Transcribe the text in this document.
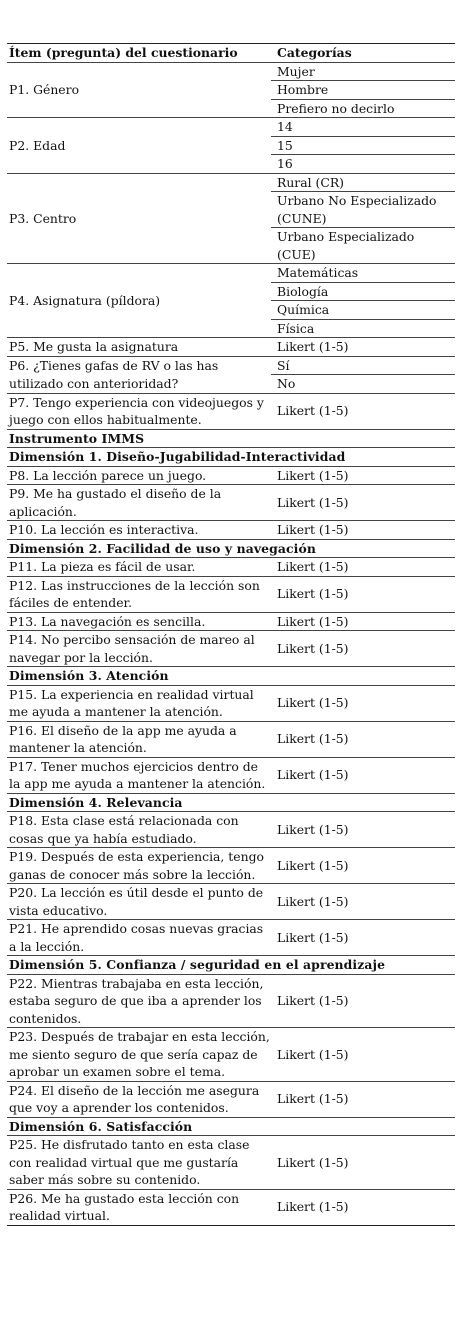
Ítem (pregunta) del cuestionario	Categorías
P1. Género	Mujer
	Hombre
	Prefiero no decirlo
P2. Edad	14
	15
	16
P3. Centro	Rural (CR)
	Urbano No Especializado (CUNE)
	Urbano Especializado (CUE)
P4. Asignatura (píldora)	Matemáticas
	Biología
	Química
	Física
P5. Me gusta la asignatura	Likert (1-5)
P6. ¿Tienes gafas de RV o las has utilizado con anterioridad?	Sí
	No
P7. Tengo experiencia con videojuegos y juego con ellos habitualmente.	Likert (1-5)
Instrumento IMMS	
Dimensión 1. Diseño-Jugabilidad-Interactividad	
P8. La lección parece un juego.	Likert (1-5)
P9. Me ha gustado el diseño de la aplicación.	Likert (1-5)
P10. La lección es interactiva.	Likert (1-5)
Dimensión 2. Facilidad de uso y navegación	
P11. La pieza es fácil de usar.	Likert (1-5)
P12. Las instrucciones de la lección son fáciles de entender.	Likert (1-5)
P13. La navegación es sencilla.	Likert (1-5)
P14. No percibo sensación de mareo al navegar por la lección.	Likert (1-5)
Dimensión 3. Atención	
P15. La experiencia en realidad virtual me ayuda a mantener la atención.	Likert (1-5)
P16. El diseño de la app me ayuda a mantener la atención.	Likert (1-5)
P17. Tener muchos ejercicios dentro de la app me ayuda a mantener la atención.	Likert (1-5)
Dimensión 4. Relevancia	
P18. Esta clase está relacionada con cosas que ya había estudiado.	Likert (1-5)
P19. Después de esta experiencia, tengo ganas de conocer más sobre la lección.	Likert (1-5)
P20. La lección es útil desde el punto de vista educativo.	Likert (1-5)
P21. He aprendido cosas nuevas gracias a la lección.	Likert (1-5)
Dimensión 5. Confianza / seguridad en el aprendizaje	
P22. Mientras trabajaba en esta lección, estaba seguro de que iba a aprender los contenidos.	Likert (1-5)
P23. Después de trabajar en esta lección, me siento seguro de que sería capaz de aprobar un examen sobre el tema.	Likert (1-5)
P24. El diseño de la lección me asegura que voy a aprender los contenidos.	Likert (1-5)
Dimensión 6. Satisfacción	
P25. He disfrutado tanto en esta clase con realidad virtual que me gustaría saber más sobre su contenido.	Likert (1-5)
P26. Me ha gustado esta lección con realidad virtual.	Likert (1-5)
